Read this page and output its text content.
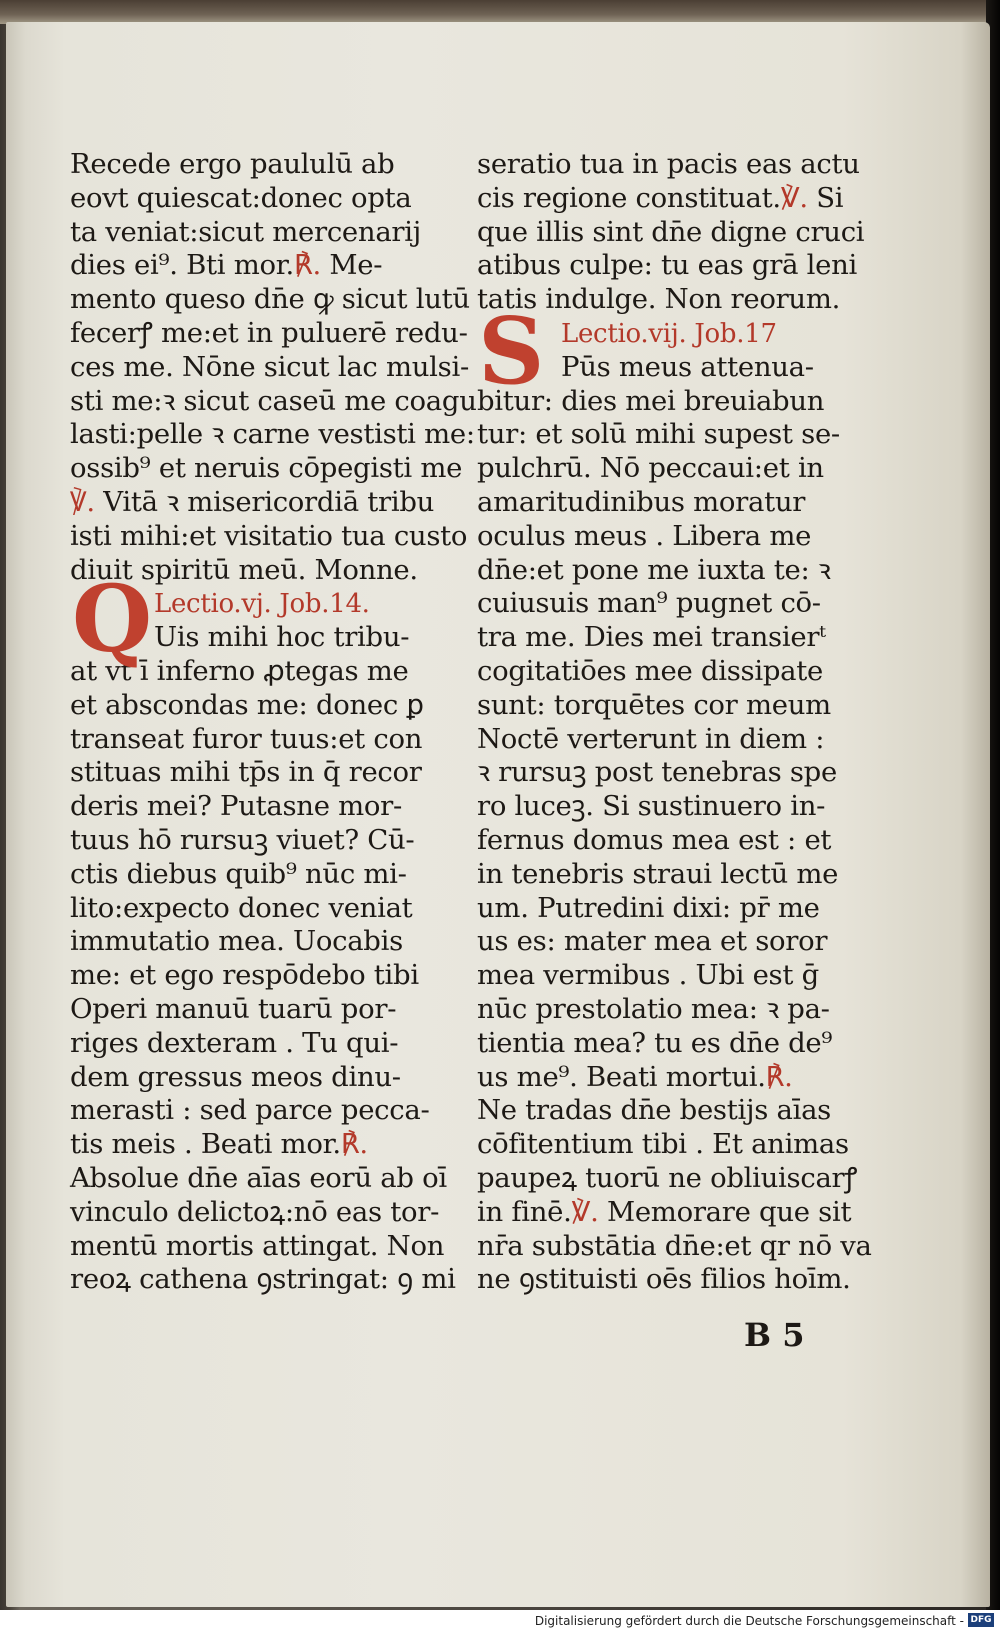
Recede ergo paululū ab
eovt quiescat:donec opta
ta veniat:sicut mercenarij
dies ei⁹. Bti mor.℟. Me-
mento queso dn̄e ꝙ sicut lutū
fecerꝭ me:et in puluerē redu-
ces me. Nōne sicut lac mulsi-
sti me:ꝛ sicut caseū me coagu
lasti:pelle ꝛ carne vestisti me:
ossib⁹ et neruis cōpegisti me
℣. Vitā ꝛ misericordiā tribu
isti mihi:et visitatio tua custo
diuit spiritū meū. Monne.
Q Lectio.vj. Job.14.
Uis mihi hoc tribu-
at vt ī inferno ꝓtegas me
et abscondas me: donec ꝑ
transeat furor tuus:et con
stituas mihi tp̄s in q̄ recor
deris mei? Putasne mor-
tuus hō rursuꝫ viuet? Cū-
ctis diebus quib⁹ nūc mi-
lito:expecto donec veniat
immutatio mea. Uocabis
me: et ego respōdebo tibi
Operi manuū tuarū por-
riges dexteram . Tu qui-
dem gressus meos dinu-
merasti : sed parce pecca-
tis meis . Beati mor.℟.
Absolue dn̄e aīas eorū ab oī
vinculo delictoꝝ:nō eas tor-
mentū mortis attingat. Non
reoꝝ cathena ꝯstringat: ꝯ mi
seratio tua in pacis eas actu
cis regione constituat.℣. Si
que illis sint dn̄e digne cruci
atibus culpe: tu eas grā leni
tatis indulge. Non reorum.
S Lectio.vij. Job.17
Pūs meus attenua-
bitur: dies mei breuiabun
tur: et solū mihi supest se-
pulchrū. Nō peccaui:et in
amaritudinibus moratur
oculus meus . Libera me
dn̄e:et pone me iuxta te: ꝛ
cuiusuis man⁹ pugnet cō-
tra me. Dies mei transierᵗ
cogitatiōes mee dissipate
sunt: torquētes cor meum
Noctē verterunt in diem :
ꝛ rursuꝫ post tenebras spe
ro luceꝫ. Si sustinuero in-
fernus domus mea est : et
in tenebris straui lectū me
um. Putredini dixi: pr̄ me
us es: mater mea et soror
mea vermibus . Ubi est ḡ
nūc prestolatio mea: ꝛ pa-
tientia mea? tu es dn̄e de⁹
us me⁹. Beati mortui.℟.
Ne tradas dn̄e bestijs aīas
cōfitentium tibi . Et animas
paupeꝝ tuorū ne obliuiscarꝭ
in finē.℣. Memorare que sit
nr̄a substātia dn̄e:et qr nō va
ne ꝯstituisti oēs filios hoīm.
B 5
Digitalisierung gefördert durch die Deutsche Forschungsgemeinschaft - DFG
